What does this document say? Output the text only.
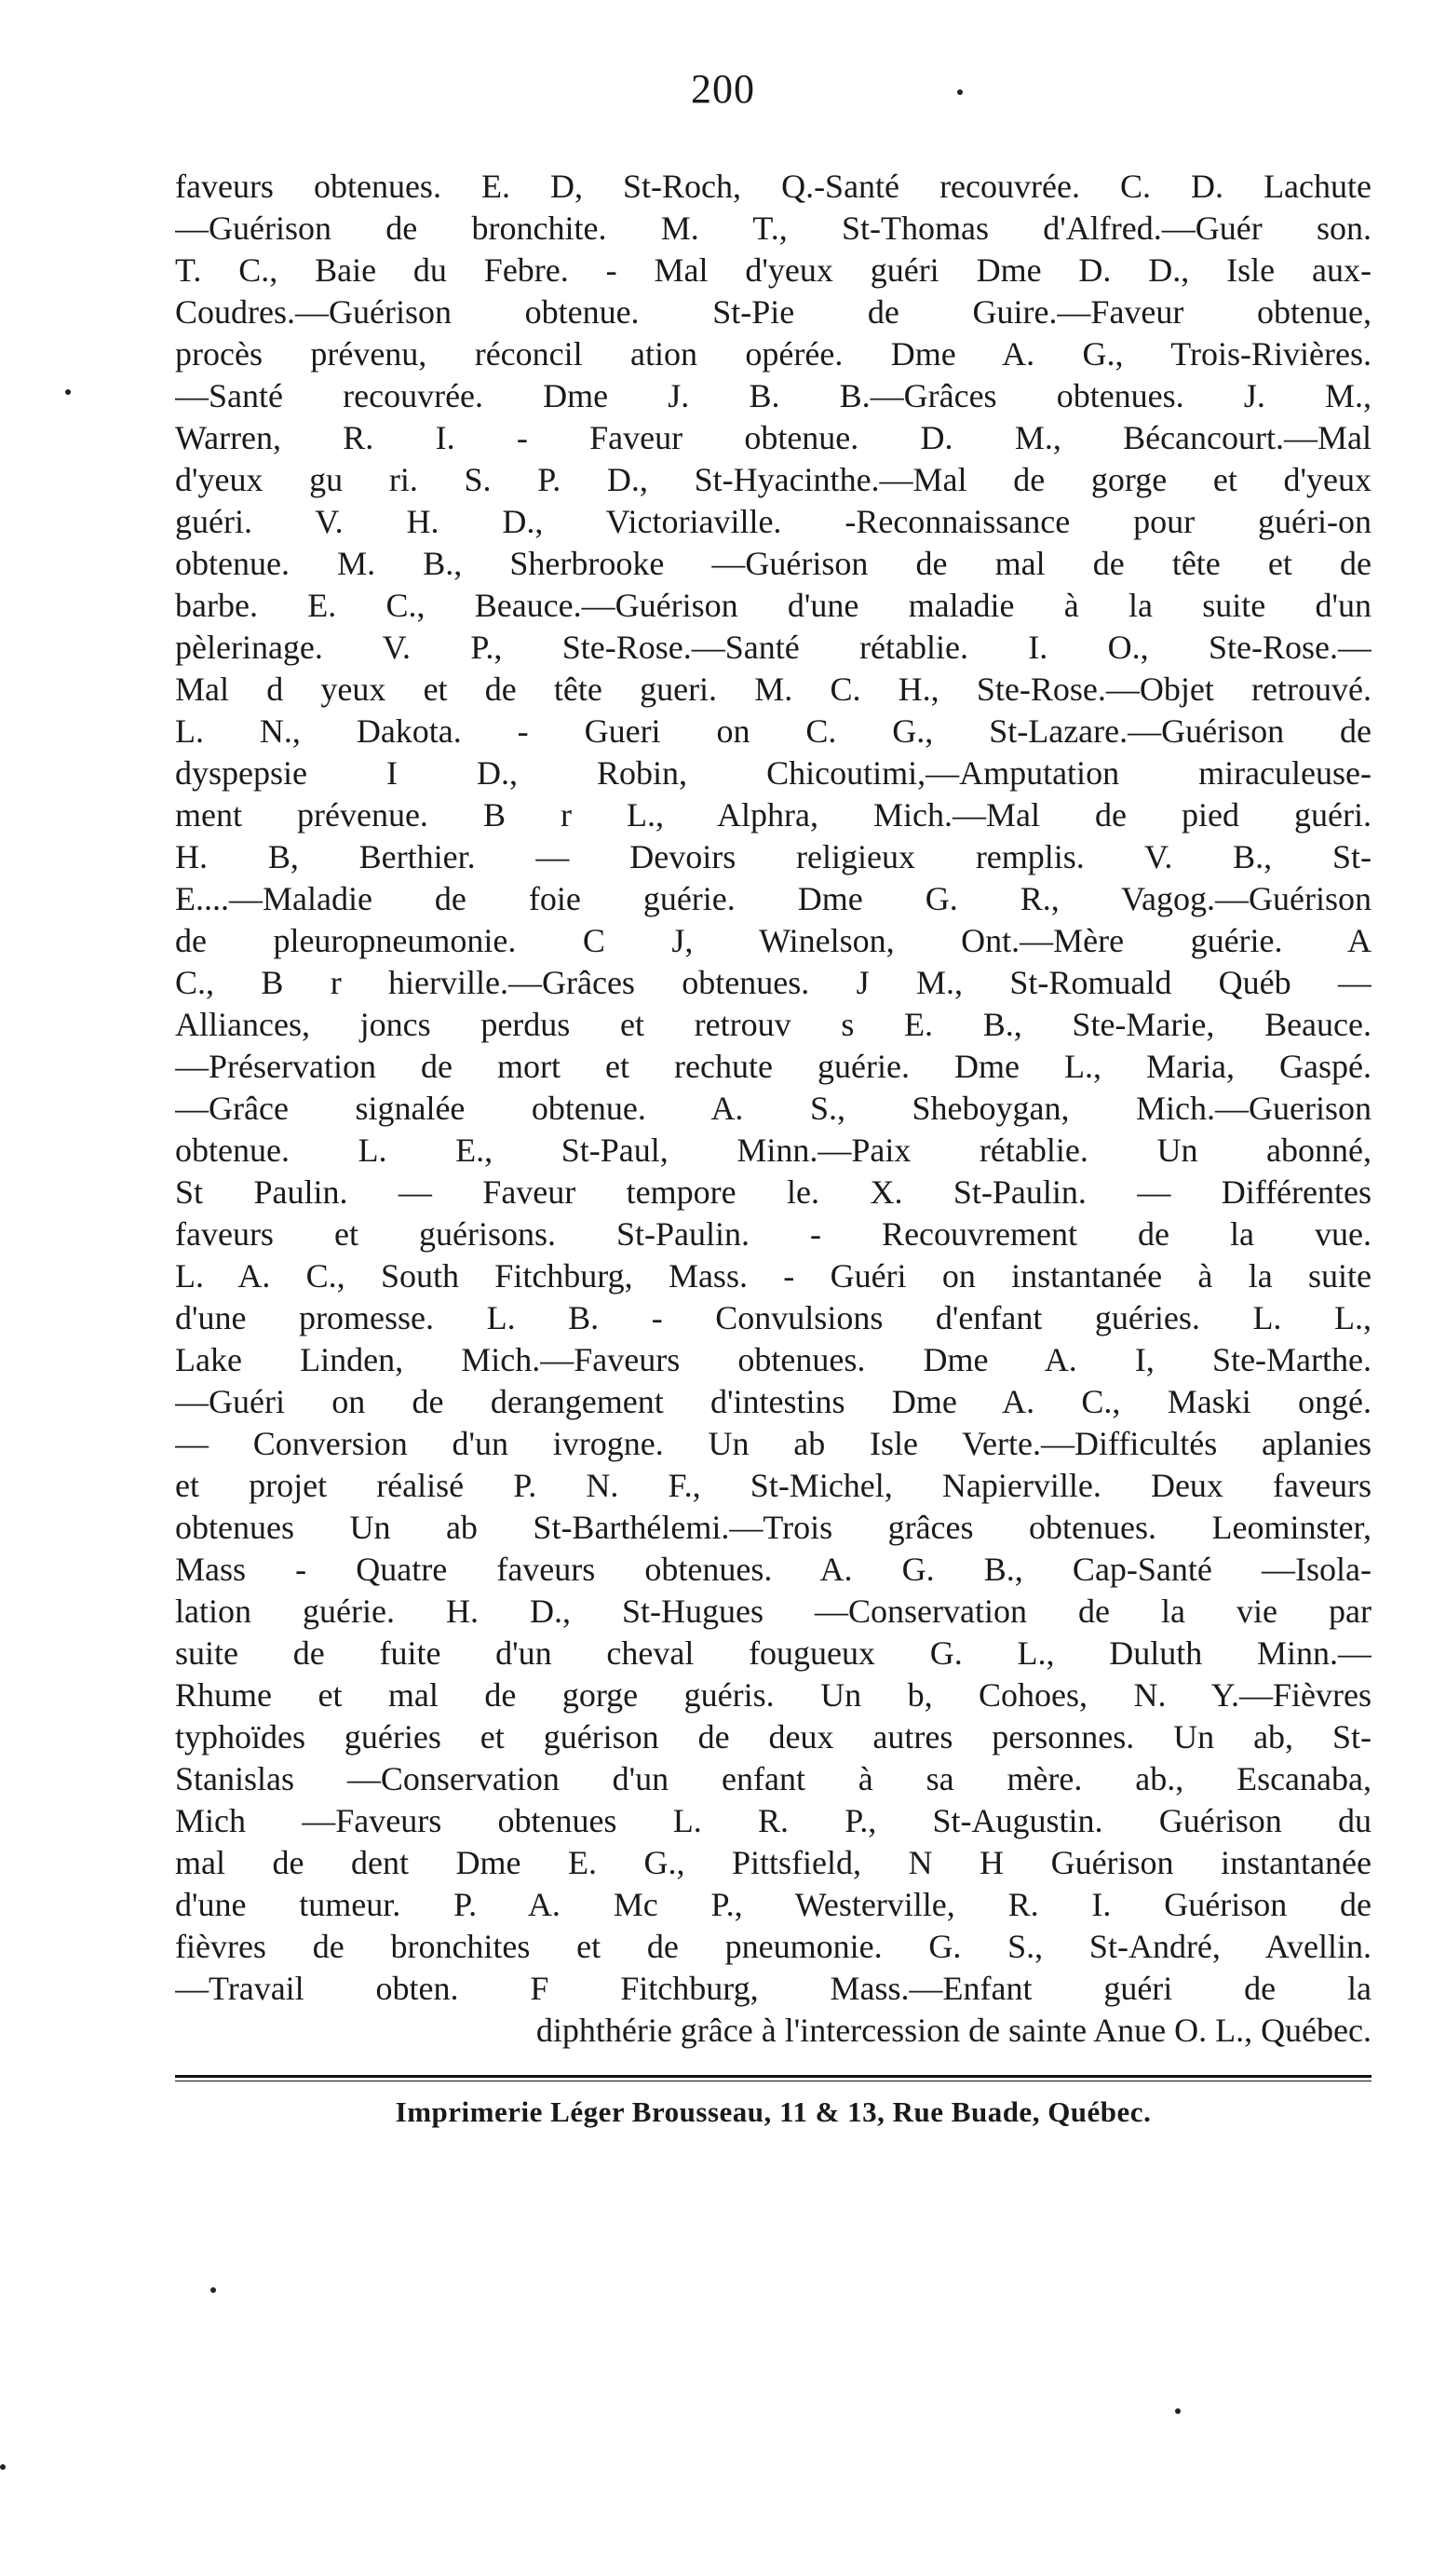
200
faveurs obtenues. E. D, St-Roch, Q.-Santé recouvrée. C. D. Lachute
—Guérison de bronchite. M. T., St-Thomas d'Alfred.—Guér son.
T. C., Baie du Febre. - Mal d'yeux guéri Dme D. D., Isle aux-
Coudres.—Guérison obtenue. St-Pie de Guire.—Faveur obtenue,
procès prévenu, réconcil ation opérée. Dme A. G., Trois-Rivières.
—Santé recouvrée. Dme J. B. B.—Grâces obtenues. J. M.,
Warren, R. I. - Faveur obtenue. D. M., Bécancourt.—Mal
d'yeux gu ri. S. P. D., St-Hyacinthe.—Mal de gorge et d'yeux
guéri. V. H. D., Victoriaville. -Reconnaissance pour guéri-on
obtenue. M. B., Sherbrooke —Guérison de mal de tête et de
barbe. E. C., Beauce.—Guérison d'une maladie à la suite d'un
pèlerinage. V. P., Ste-Rose.—Santé rétablie. I. O., Ste-Rose.—
Mal d yeux et de tête gueri. M. C. H., Ste-Rose.—Objet retrouvé.
L. N., Dakota. - Gueri on C. G., St-Lazare.—Guérison de
dyspepsie I D., Robin, Chicoutimi,—Amputation miraculeuse-
ment prévenue. B r L., Alphra, Mich.—Mal de pied guéri.
H. B, Berthier. — Devoirs religieux remplis. V. B., St-
E....—Maladie de foie guérie. Dme G. R., Vagog.—Guérison
de pleuropneumonie. C J, Winelson, Ont.—Mère guérie. A
C., B r hierville.—Grâces obtenues. J M., St-Romuald Québ —
Alliances, joncs perdus et retrouv s E. B., Ste-Marie, Beauce.
—Préservation de mort et rechute guérie. Dme L., Maria, Gaspé.
—Grâce signalée obtenue. A. S., Sheboygan, Mich.—Guerison
obtenue. L. E., St-Paul, Minn.—Paix rétablie. Un abonné,
St Paulin. — Faveur tempore le. X. St-Paulin. — Différentes
faveurs et guérisons. St-Paulin. - Recouvrement de la vue.
L. A. C., South Fitchburg, Mass. - Guéri on instantanée à la suite
d'une promesse. L. B. - Convulsions d'enfant guéries. L. L.,
Lake Linden, Mich.—Faveurs obtenues. Dme A. I, Ste-Marthe.
—Guéri on de derangement d'intestins Dme A. C., Maski ongé.
— Conversion d'un ivrogne. Un ab Isle Verte.—Difficultés aplanies
et projet réalisé P. N. F., St-Michel, Napierville. Deux faveurs
obtenues Un ab St-Barthélemi.—Trois grâces obtenues. Leominster,
Mass - Quatre faveurs obtenues. A. G. B., Cap-Santé —Isola-
lation guérie. H. D., St-Hugues —Conservation de la vie par
suite de fuite d'un cheval fougueux G. L., Duluth Minn.—
Rhume et mal de gorge guéris. Un b, Cohoes, N. Y.—Fièvres
typhoïdes guéries et guérison de deux autres personnes. Un ab, St-
Stanislas —Conservation d'un enfant à sa mère. ab., Escanaba,
Mich —Faveurs obtenues L. R. P., St-Augustin. Guérison du
mal de dent Dme E. G., Pittsfield, N H Guérison instantanée
d'une tumeur. P. A. Mc P., Westerville, R. I. Guérison de
fièvres de bronchites et de pneumonie. G. S., St-André, Avellin.
—Travail obten. F Fitchburg, Mass.—Enfant guéri de la
diphthérie grâce à l'intercession de sainte Anue O. L., Québec.
Imprimerie Léger Brousseau, 11 & 13, Rue Buade, Québec.
